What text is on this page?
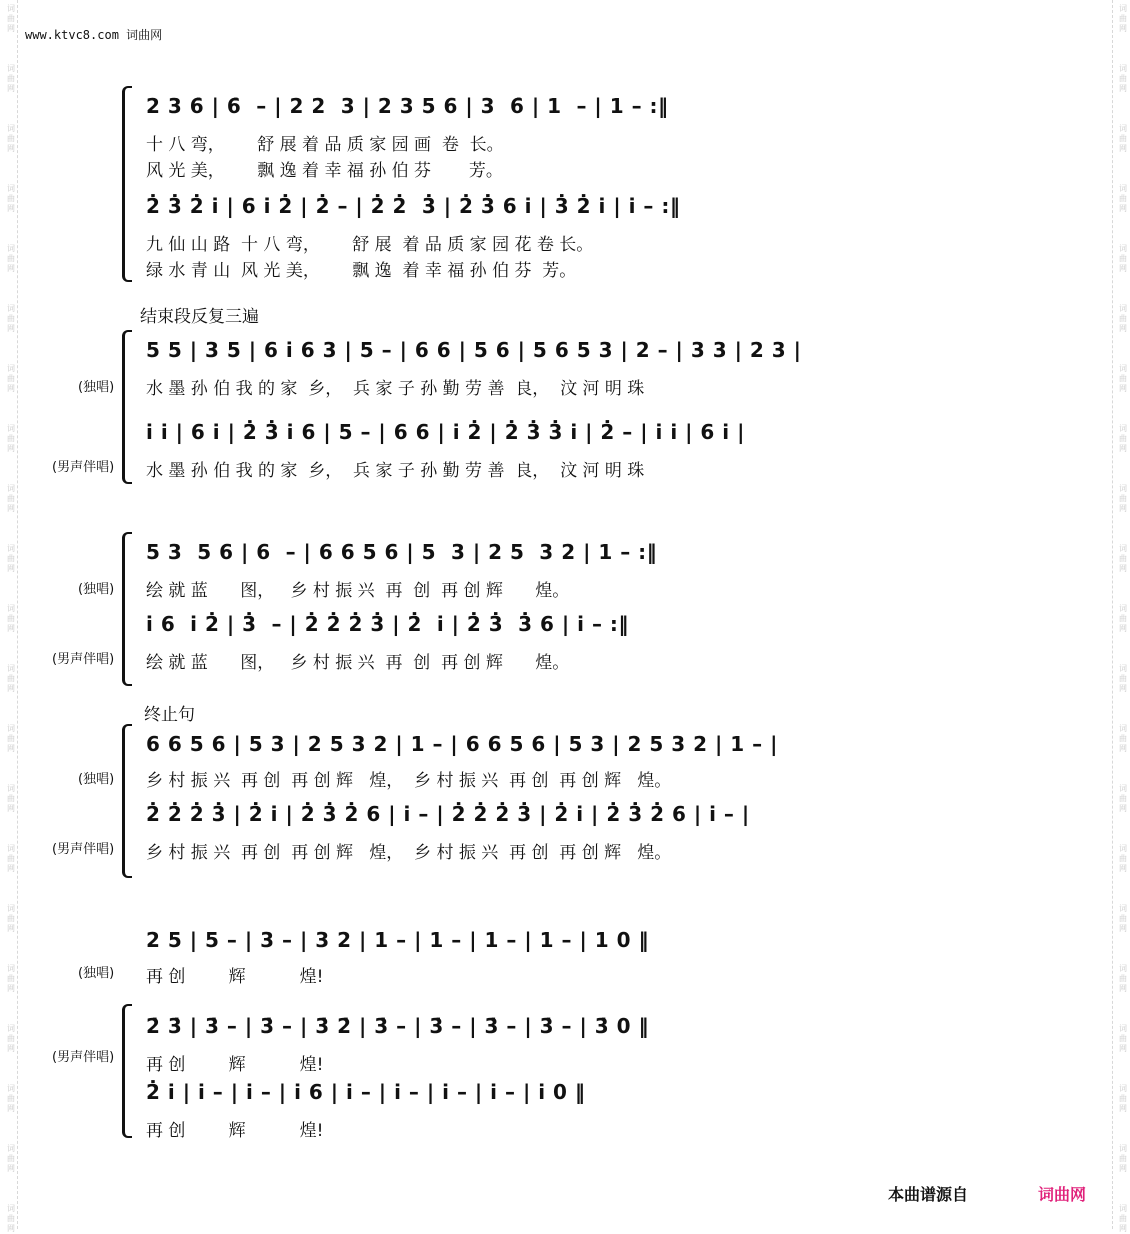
词
曲
网
词
曲
网
词
曲
网
词
曲
网
词
曲
网
词
曲
网
词
曲
网
词
曲
网
词
曲
网
词
曲
网
词
曲
网
词
曲
网
词
曲
网
词
曲
网
词
曲
网
词
曲
网
词
曲
网
词
曲
网
词
曲
网
词
曲
网
词
曲
网
词
曲
网
词
曲
网
词
曲
网
词
曲
网
词
曲
网
词
曲
网
词
曲
网
词
曲
网
词
曲
网
词
曲
网
词
曲
网
词
曲
网
词
曲
网
词
曲
网
词
曲
网
词
曲
网
词
曲
网
词
曲
网
词
曲
网
词
曲
网
词
曲
网
www.ktvc8.com 词曲网
2 3 6̇ | 6̇  – | 2 2  3 | 2 3 5 6 | 3  6̇ | 1  – | 1 – :‖
十 八 弯，      舒 展 着 品 质 家 园 画  卷  长。
风 光 美，      飘 逸 着 幸 福 孙 伯 芬       芳。
2̇ 3̇ 2̇ i | 6 i 2̇ | 2̇ – | 2̇ 2̇  3̇ | 2̇ 3̇ 6 i | 3̇ 2̇ i | i – :‖
九 仙 山 路  十 八 弯，      舒 展  着 品 质 家 园 花 卷 长。
绿 水 青 山  风 光 美，      飘 逸  着 幸 福 孙 伯 芬  芳。
结束段反复三遍
(独唱)
(男声伴唱)
5 5 | 3 5 | 6 i 6 3 | 5 – | 6 6 | 5 6 | 5 6 5 3 | 2 – | 3 3 | 2 3 |
水 墨 孙 伯 我 的 家  乡，  兵 家 子 孙 勤 劳 善  良，  汶 河 明 珠
i i | 6 i | 2̇ 3̇ i 6 | 5 – | 6 6 | i 2̇ | 2̇ 3̇ 3̇ i | 2̇ – | i i | 6 i |
水 墨 孙 伯 我 的 家  乡，  兵 家 子 孙 勤 劳 善  良，  汶 河 明 珠
(独唱)
(男声伴唱)
5 3  5 6 | 6  – | 6 6 5 6 | 5  3 | 2 5  3 2 | 1 – :‖
绘 就 蓝      图，   乡 村 振 兴  再  创  再 创 辉      煌。
i 6  i 2̇ | 3̇  – | 2̇ 2̇ 2̇ 3̇ | 2̇  i | 2̇ 3̇  3̇ 6 | i – :‖
绘 就 蓝      图，   乡 村 振 兴  再  创  再 创 辉      煌。
终止句
(独唱)
(男声伴唱)
6 6 5 6 | 5 3 | 2 5 3 2 | 1 – | 6 6 5 6 | 5 3 | 2 5 3 2 | 1 – |
乡 村 振 兴  再 创  再 创 辉   煌，  乡 村 振 兴  再 创  再 创 辉   煌。
2̇ 2̇ 2̇ 3̇ | 2̇ i | 2̇ 3̇ 2̇ 6 | i – | 2̇ 2̇ 2̇ 3̇ | 2̇ i | 2̇ 3̇ 2̇ 6 | i – |
乡 村 振 兴  再 创  再 创 辉   煌，  乡 村 振 兴  再 创  再 创 辉   煌。
(独唱)
(男声伴唱)
2 5 | 5 – | 3 – | 3 2 | 1 – | 1 – | 1 – | 1 – | 1 0 ‖
再 创        辉          煌!
2̇ 3̇ | 3̇ – | 3̇ – | 3̇ 2̇ | 3̇ – | 3̇ – | 3̇ – | 3̇ – | 3̇ 0 ‖
再 创        辉          煌!
2̇ i | i – | i – | i 6 | i – | i – | i – | i – | i 0 ‖
再 创        辉          煌!
本曲谱源自	词曲网
